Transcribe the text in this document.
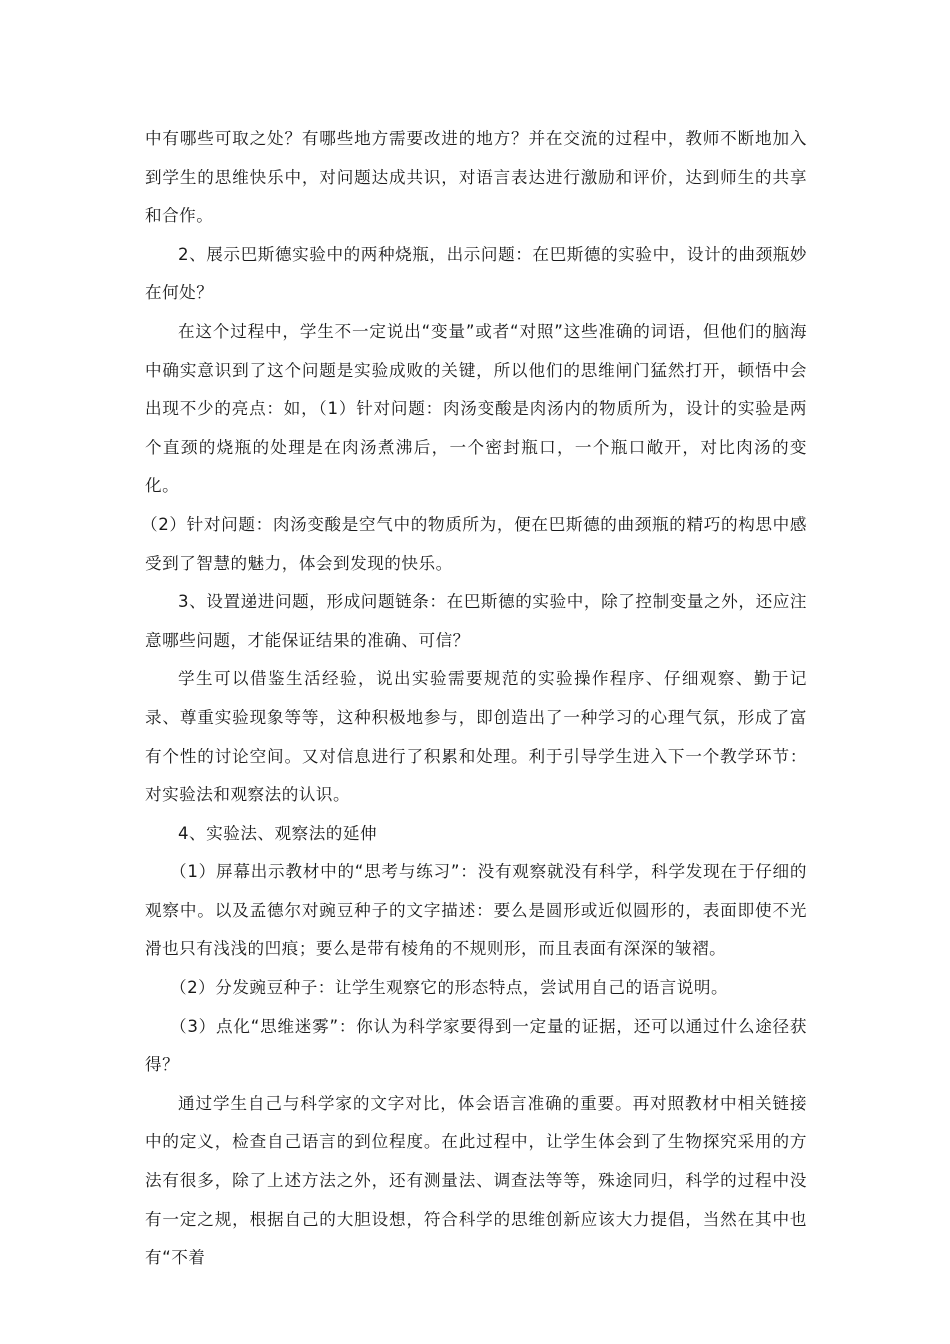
中有哪些可取之处？有哪些地方需要改进的地方？并在交流的过程中，教师不断地加入到学生的思维快乐中，对问题达成共识，对语言表达进行激励和评价，达到师生的共享和合作。

2、展示巴斯德实验中的两种烧瓶，出示问题：在巴斯德的实验中，设计的曲颈瓶妙在何处？

在这个过程中，学生不一定说出“变量”或者“对照”这些准确的词语，但他们的脑海中确实意识到了这个问题是实验成败的关键，所以他们的思维闸门猛然打开，顿悟中会出现不少的亮点：如，（1）针对问题：肉汤变酸是肉汤内的物质所为，设计的实验是两个直颈的烧瓶的处理是在肉汤煮沸后，一个密封瓶口，一个瓶口敞开，对比肉汤的变化。

（2）针对问题：肉汤变酸是空气中的物质所为，便在巴斯德的曲颈瓶的精巧的构思中感受到了智慧的魅力，体会到发现的快乐。

3、设置递进问题，形成问题链条：在巴斯德的实验中，除了控制变量之外，还应注意哪些问题，才能保证结果的准确、可信？

学生可以借鉴生活经验，说出实验需要规范的实验操作程序、仔细观察、勤于记录、尊重实验现象等等，这种积极地参与，即创造出了一种学习的心理气氛，形成了富有个性的讨论空间。又对信息进行了积累和处理。利于引导学生进入下一个教学环节：对实验法和观察法的认识。

4、实验法、观察法的延伸

（1）屏幕出示教材中的“思考与练习”：没有观察就没有科学，科学发现在于仔细的观察中。以及孟德尔对豌豆种子的文字描述：要么是圆形或近似圆形的，表面即使不光滑也只有浅浅的凹痕；要么是带有棱角的不规则形，而且表面有深深的皱褶。

（2）分发豌豆种子：让学生观察它的形态特点，尝试用自己的语言说明。

（3）点化“思维迷雾”：你认为科学家要得到一定量的证据，还可以通过什么途径获得？

通过学生自己与科学家的文字对比，体会语言准确的重要。再对照教材中相关链接中的定义，检查自己语言的到位程度。在此过程中，让学生体会到了生物探究采用的方法有很多，除了上述方法之外，还有测量法、调查法等等，殊途同归，科学的过程中没有一定之规，根据自己的大胆设想，符合科学的思维创新应该大力提倡，当然在其中也有“不着
